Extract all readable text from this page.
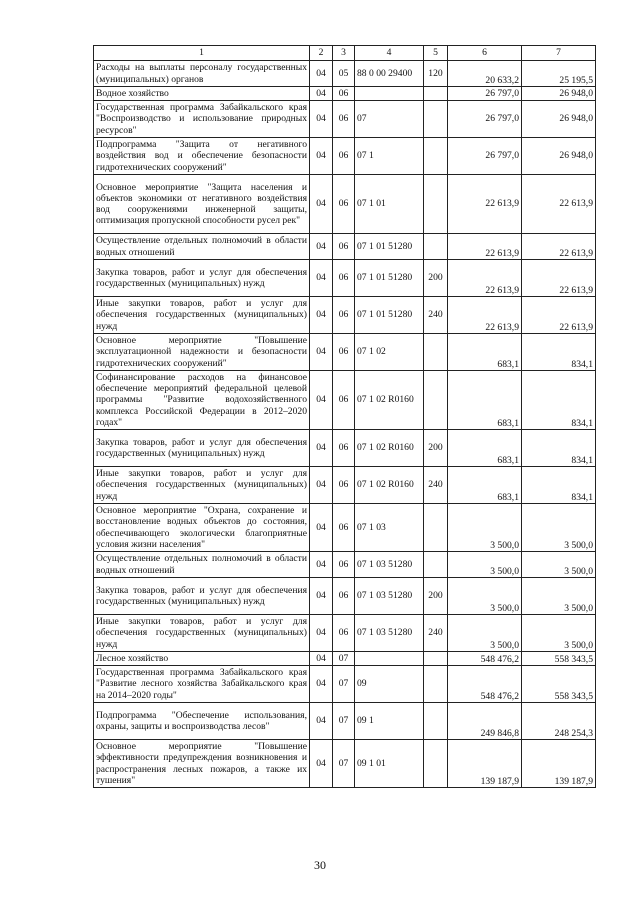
1	2	3	4	5	6	7
Расходы на выплаты персоналу государственных (муниципальных) органов	04	05	88 0 00 29400	120	20 633,2	25 195,5
Водное хозяйство	04	06			26 797,0	26 948,0
Государственная программа Забайкальского края "Воспроизводство и использование природных ресурсов"	04	06	07		26 797,0	26 948,0
Подпрограмма "Защита от негативного воздействия вод и обеспечение безопасности гидротехнических сооружений"	04	06	07 1		26 797,0	26 948,0
Основное мероприятие "Защита населения и объектов экономики от негативного воздействия вод сооружениями инженерной защиты, оптимизация пропускной способности русел рек"	04	06	07 1 01		22 613,9	22 613,9
Осуществление отдельных полномочий в области водных отношений	04	06	07 1 01 51280		22 613,9	22 613,9
Закупка товаров, работ и услуг для обеспечения государственных (муниципальных) нужд	04	06	07 1 01 51280	200	22 613,9	22 613,9
Иные закупки товаров, работ и услуг для обеспечения государственных (муниципальных) нужд	04	06	07 1 01 51280	240	22 613,9	22 613,9
Основное мероприятие "Повышение эксплуатационной надежности и безопасности гидротехнических сооружений"	04	06	07 1 02		683,1	834,1
Софинансирование расходов на финансовое обеспечение мероприятий федеральной целевой программы "Развитие водохозяйственного комплекса Российской Федерации в 2012–2020 годах"	04	06	07 1 02 R0160		683,1	834,1
Закупка товаров, работ и услуг для обеспечения государственных (муниципальных) нужд	04	06	07 1 02 R0160	200	683,1	834,1
Иные закупки товаров, работ и услуг для обеспечения государственных (муниципальных) нужд	04	06	07 1 02 R0160	240	683,1	834,1
Основное мероприятие "Охрана, сохранение и восстановление водных объектов до состояния, обеспечивающего экологически благоприятные условия жизни населения"	04	06	07 1 03		3 500,0	3 500,0
Осуществление отдельных полномочий в области водных отношений	04	06	07 1 03 51280		3 500,0	3 500,0
Закупка товаров, работ и услуг для обеспечения государственных (муниципальных) нужд	04	06	07 1 03 51280	200	3 500,0	3 500,0
Иные закупки товаров, работ и услуг для обеспечения государственных (муниципальных) нужд	04	06	07 1 03 51280	240	3 500,0	3 500,0
Лесное хозяйство	04	07			548 476,2	558 343,5
Государственная программа Забайкальского края "Развитие лесного хозяйства Забайкальского края на 2014–2020 годы"	04	07	09		548 476,2	558 343,5
Подпрограмма "Обеспечение использования, охраны, защиты и воспроизводства лесов"	04	07	09 1		249 846,8	248 254,3
Основное мероприятие "Повышение эффективности предупреждения возникновения и распространения лесных пожаров, а также их тушения"	04	07	09 1 01		139 187,9	139 187,9
30
